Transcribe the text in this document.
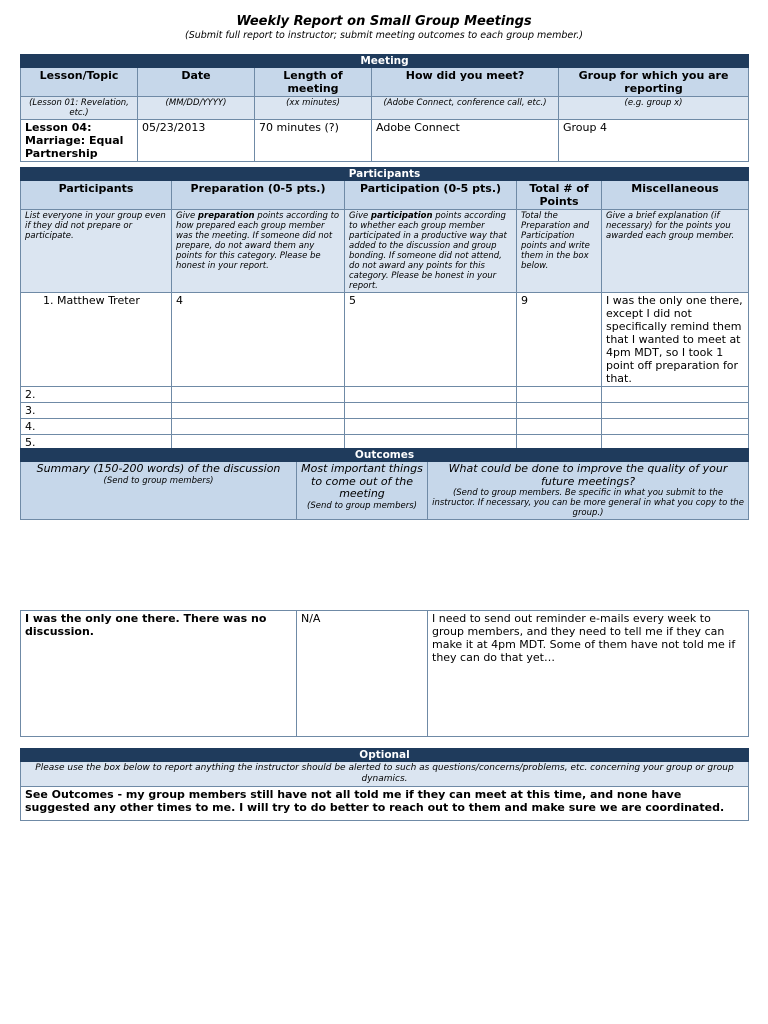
Weekly Report on Small Group Meetings
(Submit full report to instructor; submit meeting outcomes to each group member.)
Meeting				
Lesson/Topic	Date	Length of meeting	How did you meet?	Group for which you are reporting
(Lesson 01: Revelation, etc.)	(MM/DD/YYYY)	(xx minutes)	(Adobe Connect, conference call, etc.)	(e.g. group x)
Lesson 04: Marriage: Equal Partnership	05/23/2013	70 minutes (?)	Adobe Connect	Group 4
Participants				
Participants	Preparation (0-5 pts.)	Participation (0-5 pts.)	Total # of Points	Miscellaneous
List everyone in your group even if they did not prepare or participate.	Give preparation points according to how prepared each group member was the meeting. If someone did not prepare, do not award them any points for this category. Please be honest in your report.	Give participation points according to whether each group member participated in a productive way that added to the discussion and group bonding. If someone did not attend, do not award any points for this category. Please be honest in your report.	Total the Preparation and Participation points and write them in the box below.	Give a brief explanation (if necessary) for the points you awarded each group member.
1. Matthew Treter	4	5	9	I was the only one there, except I did not specifically remind them that I wanted to meet at 4pm MDT, so I took 1 point off preparation for that.
2.				
3.				
4.				
5.				
Outcomes
Summary (150-200 words) of the discussion
(Send to group members)
	Most important things to come out of the meeting
(Send to group members)
	What could be done to improve the quality of your future meetings?
(Send to group members. Be specific in what you submit to the instructor. If necessary, you can be more general in what you copy to the group.)
I was the only one there. There was no discussion.	N/A	I need to send out reminder e-mails every week to group members, and they need to tell me if they can make it at 4pm MDT. Some of them have not told me if they can do that yet…
Optional
Please use the box below to report anything the instructor should be alerted to such as questions/concerns/problems, etc. concerning your group or group dynamics.
See Outcomes - my group members still have not all told me if they can meet at this time, and none have suggested any other times to me. I will try to do better to reach out to them and make sure we are coordinated.
